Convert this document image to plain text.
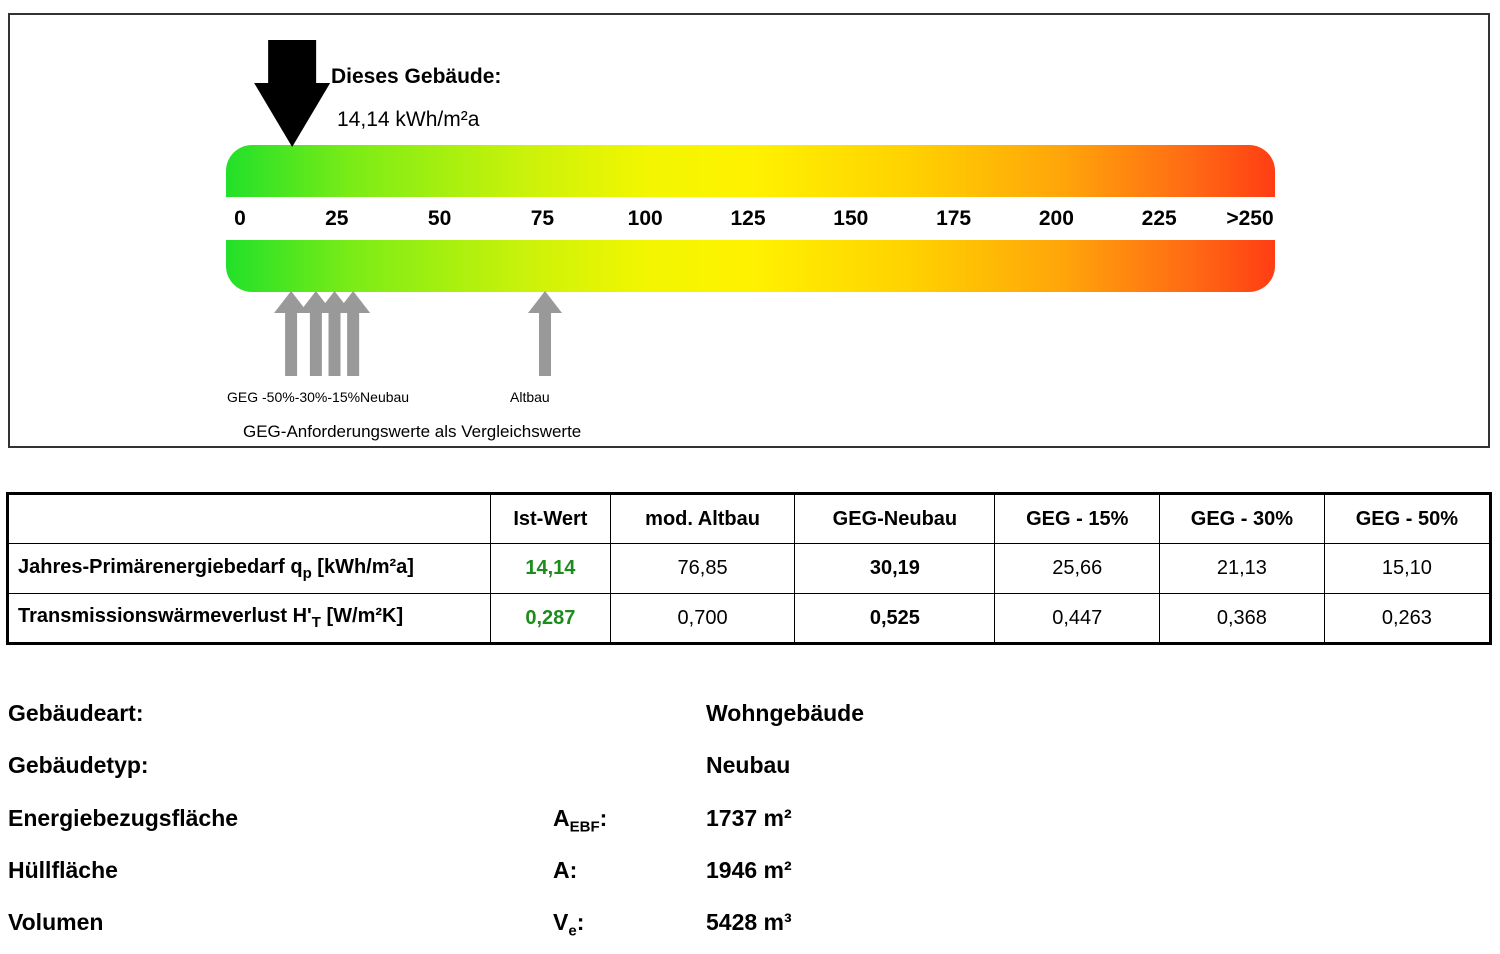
Dieses Gebäude:
14,14 kWh/m²a
0	25	50	75	100	125	150	175	200	225 >250
GEG -50%-30%-15%Neubau	Altbau
GEG-Anforderungswerte als Vergleichswerte
	Ist-Wert	mod. Altbau	GEG-Neubau	GEG - 15%	GEG - 30%	GEG - 50%
Jahres-Primärenergiebedarf $q_p$ [kWh/m²a]	14,14	76,85	30,19	25,66	21,13	15,10
Transmissionswärmeverlust $H'_T$ [W/m²K]	0,287	0,700	0,525	0,447	0,368	0,263
Gebäudeart:	Wohngebäude
Gebäudetyp:	Neubau
Energiebezugsfläche	$A_{EBF}$:	1737 m²
Hüllfläche	A:	1946 m²
Volumen	$V_e$:	5428 m³
